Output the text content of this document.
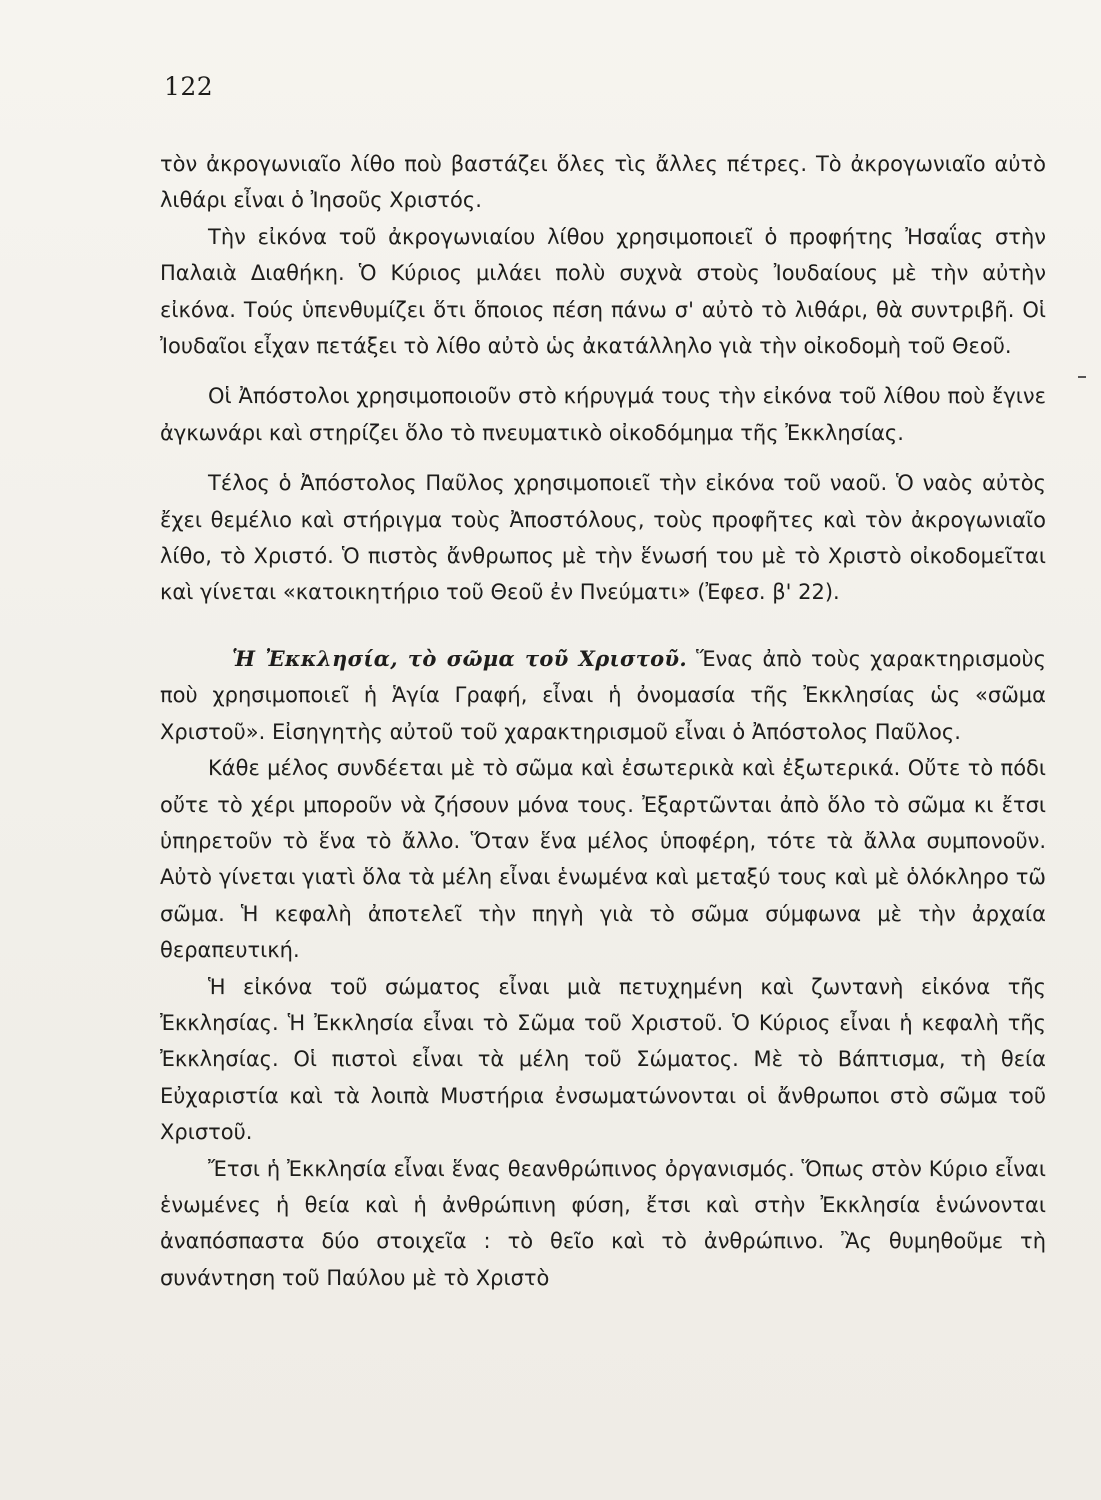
122

τὸν ἀκρογωνιαῖο λίθο ποὺ βαστάζει ὅλες τὶς ἄλλες πέτρες. Τὸ ἀκρογωνιαῖο αὐτὸ λιθάρι εἶναι ὁ Ἰησοῦς Χριστός.

Τὴν εἰκόνα τοῦ ἀκρογωνιαίου λίθου χρησιμοποιεῖ ὁ προφήτης Ἠσαΐας στὴν Παλαιὰ Διαθήκη. Ὁ Κύριος μιλάει πολὺ συχνὰ στοὺς Ἰουδαίους μὲ τὴν αὐτὴν εἰκόνα. Τούς ὑπενθυμίζει ὅτι ὅποιος πέση πάνω σ' αὐτὸ τὸ λιθάρι, θὰ συντριβῆ. Οἱ Ἰουδαῖοι εἶχαν πετάξει τὸ λίθο αὐτὸ ὡς ἀκατάλληλο γιὰ τὴν οἰκοδομὴ τοῦ Θεοῦ.

Οἱ Ἀπόστολοι χρησιμοποιοῦν στὸ κήρυγμά τους τὴν εἰκόνα τοῦ λίθου ποὺ ἔγινε ἀγκωνάρι καὶ στηρίζει ὅλο τὸ πνευματικὸ οἰκοδόμημα τῆς Ἐκκλησίας.

Τέλος ὁ Ἀπόστολος Παῦλος χρησιμοποιεῖ τὴν εἰκόνα τοῦ ναοῦ. Ὁ ναὸς αὐτὸς ἔχει θεμέλιο καὶ στήριγμα τοὺς Ἀποστόλους, τοὺς προφῆτες καὶ τὸν ἀκρογωνιαῖο λίθο, τὸ Χριστό. Ὁ πιστὸς ἄνθρωπος μὲ τὴν ἕνωσή του μὲ τὸ Χριστὸ οἰκοδομεῖται καὶ γίνεται «κατοικητήριο τοῦ Θεοῦ ἐν Πνεύματι» (Ἐφεσ. β' 22).

Ἡ Ἐκκλησία, τὸ σῶμα τοῦ Χριστοῦ. Ἕνας ἀπὸ τοὺς χαρακτηρισμοὺς ποὺ χρησιμοποιεῖ ἡ Ἁγία Γραφή, εἶναι ἡ ὀνομασία τῆς Ἐκκλησίας ὡς «σῶμα Χριστοῦ». Εἰσηγητὴς αὐτοῦ τοῦ χαρακτηρισμοῦ εἶναι ὁ Ἀπόστολος Παῦλος.

Κάθε μέλος συνδέεται μὲ τὸ σῶμα καὶ ἐσωτερικὰ καὶ ἐξωτερικά. Οὔτε τὸ πόδι οὔτε τὸ χέρι μποροῦν νὰ ζήσουν μόνα τους. Ἐξαρτῶνται ἀπὸ ὅλο τὸ σῶμα κι ἔτσι ὑπηρετοῦν τὸ ἕνα τὸ ἄλλο. Ὅταν ἕνα μέλος ὑποφέρη, τότε τὰ ἄλλα συμπονοῦν. Αὐτὸ γίνεται γιατὶ ὅλα τὰ μέλη εἶναι ἑνωμένα καὶ μεταξύ τους καὶ μὲ ὁλόκληρο τῶ σῶμα. Ἡ κεφαλὴ ἀποτελεῖ τὴν πηγὴ γιὰ τὸ σῶμα σύμφωνα μὲ τὴν ἀρχαία θεραπευτική.

Ἡ εἰκόνα τοῦ σώματος εἶναι μιὰ πετυχημένη καὶ ζωντανὴ εἰκόνα τῆς Ἐκκλησίας. Ἡ Ἐκκλησία εἶναι τὸ Σῶμα τοῦ Χριστοῦ. Ὁ Κύριος εἶναι ἡ κεφαλὴ τῆς Ἐκκλησίας. Οἱ πιστοὶ εἶναι τὰ μέλη τοῦ Σώματος. Μὲ τὸ Βάπτισμα, τὴ θεία Εὐχαριστία καὶ τὰ λοιπὰ Μυστήρια ἐνσωματώνονται οἱ ἄνθρωποι στὸ σῶμα τοῦ Χριστοῦ.

Ἔτσι ἡ Ἐκκλησία εἶναι ἕνας θεανθρώπινος ὀργανισμός. Ὅπως στὸν Κύριο εἶναι ἑνωμένες ἡ θεία καὶ ἡ ἀνθρώπινη φύση, ἔτσι καὶ στὴν Ἐκκλησία ἑνώνονται ἀναπόσπαστα δύο στοιχεῖα : τὸ θεῖο καὶ τὸ ἀνθρώπινο. Ἂς θυμηθοῦμε τὴ συνάντηση τοῦ Παύλου μὲ τὸ Χριστὸ
